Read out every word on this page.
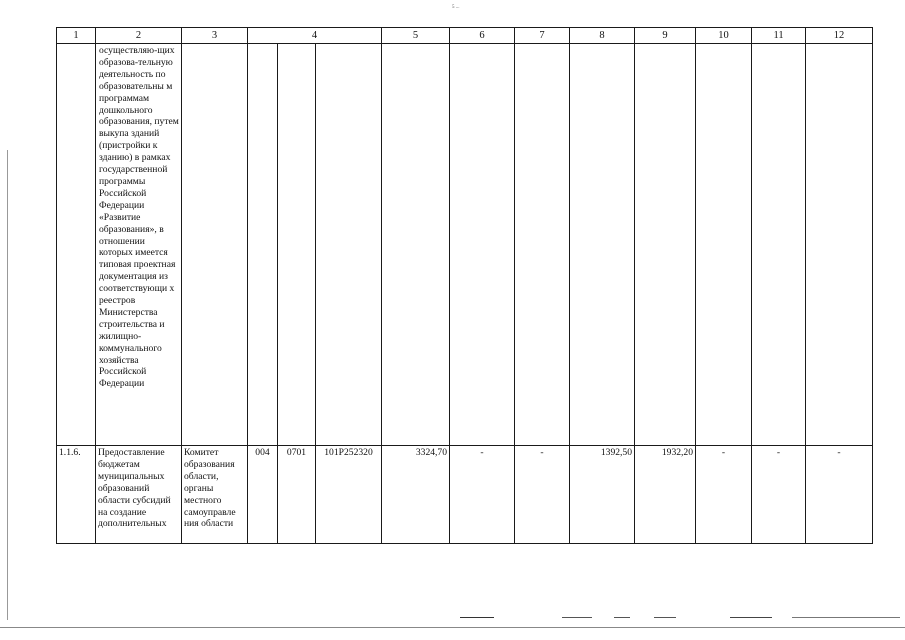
5 ...
1	2	3	4			5	6	7	8	9	10	11	12
	осуществляю-щих образова-тельную деятельность по образовательны м программам дошкольного образования, путем выкупа зданий (пристройки к зданию) в рамках государственной программы Российской Федерации «Развитие образования», в отношении которых имеется типовая проектная документация из соответствующи х реестров Министерства строительства и жилищно-коммунального хозяйства Российской Федерации												
1.1.6.	Предоставление бюджетам муниципальных образований области субсидий на создание дополнительных	Комитет образования области, органы местного самоуправле ния области	004	0701	101P252320	3324,70	-	-	1392,50	1932,20	-	-	-
